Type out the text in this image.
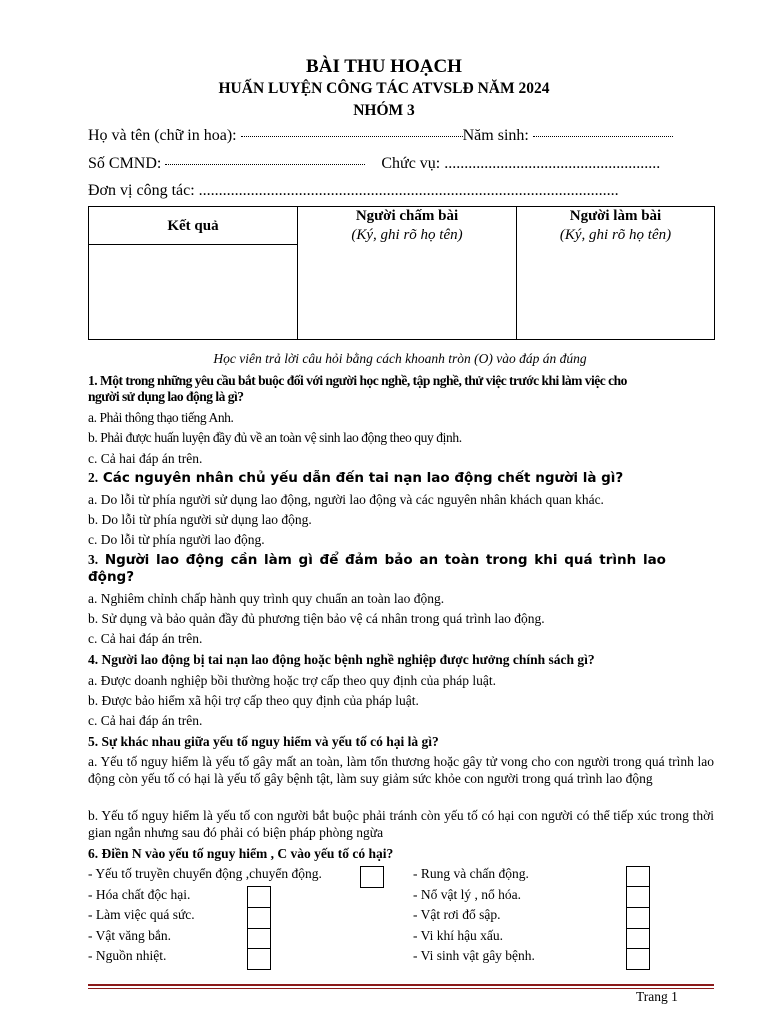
BÀI THU HOẠCH
HUẤN LUYỆN CÔNG TÁC ATVSLĐ NĂM 2024
NHÓM 3
Họ và tên (chữ in hoa):	Năm sinh:
Số CMND:	Chức vụ: ......................................................
Đơn vị công tác: .........................................................................................................
Kết quả

Người chấm bài
(Ký, ghi rõ họ tên)

Người làm bài
(Ký, ghi rõ họ tên)

Học viên trả lời câu hỏi bằng cách khoanh tròn (O) vào đáp án đúng
1. Một trong những yêu cầu bắt buộc đối với người học nghề, tập nghề, thử việc trước khi làm việc cho
người sử dụng lao động là gì?
a. Phải thông thạo tiếng Anh.
b. Phải được huấn luyện đầy đủ về an toàn vệ sinh lao động theo quy định.
c. Cả hai đáp án trên.
2. Các nguyên nhân chủ yếu dẫn đến tai nạn lao động chết người là gì?
a. Do lỗi từ phía người sử dụng lao động, người lao động và các nguyên nhân khách quan khác.
b. Do lỗi từ phía người sử dụng lao động.
c. Do lỗi từ phía người lao động.
3. Người lao động cần làm gì để đảm bảo an toàn trong khi quá trình lao
động?
a. Nghiêm chỉnh chấp hành quy trình quy chuẩn an toàn lao động.
b. Sử dụng và bảo quản đầy đủ phương tiện bảo vệ cá nhân trong quá trình lao động.
c. Cả hai đáp án trên.
4. Người lao động bị tai nạn lao động hoặc bệnh nghề nghiệp được hưởng chính sách gì?
a. Được doanh nghiệp bồi thường hoặc trợ cấp theo quy định của pháp luật.
b. Được bảo hiểm xã hội trợ cấp theo quy định của pháp luật.
c. Cả hai đáp án trên.
5. Sự khác nhau giữa yếu tố nguy hiểm và yếu tố có hại là gì?
a. Yếu tố nguy hiểm là yếu tố gây mất an toàn, làm tổn thương hoặc gây tử vong cho con người trong quá trình lao động còn yếu tố có hại là yếu tố gây bệnh tật, làm suy giảm sức khỏe con người trong quá trình lao động
b. Yếu tố nguy hiểm là yếu tố con người bắt buộc phải tránh còn yếu tố có hại con người có thể tiếp xúc trong thời gian ngắn nhưng sau đó phải có biện pháp phòng ngừa
6. Điền N vào yếu tố nguy hiểm , C vào yếu tố có hại?
- Yếu tố truyền chuyển động ,chuyển động.
- Hóa chất độc hại.
- Làm việc quá sức.
- Vật văng bắn.
- Nguồn nhiệt.
- Rung và chấn động.
- Nổ vật lý , nổ hóa.
- Vật rơi đổ sập.
- Vi khí hậu xấu.
- Vi sinh vật gây bệnh.
Trang 1
